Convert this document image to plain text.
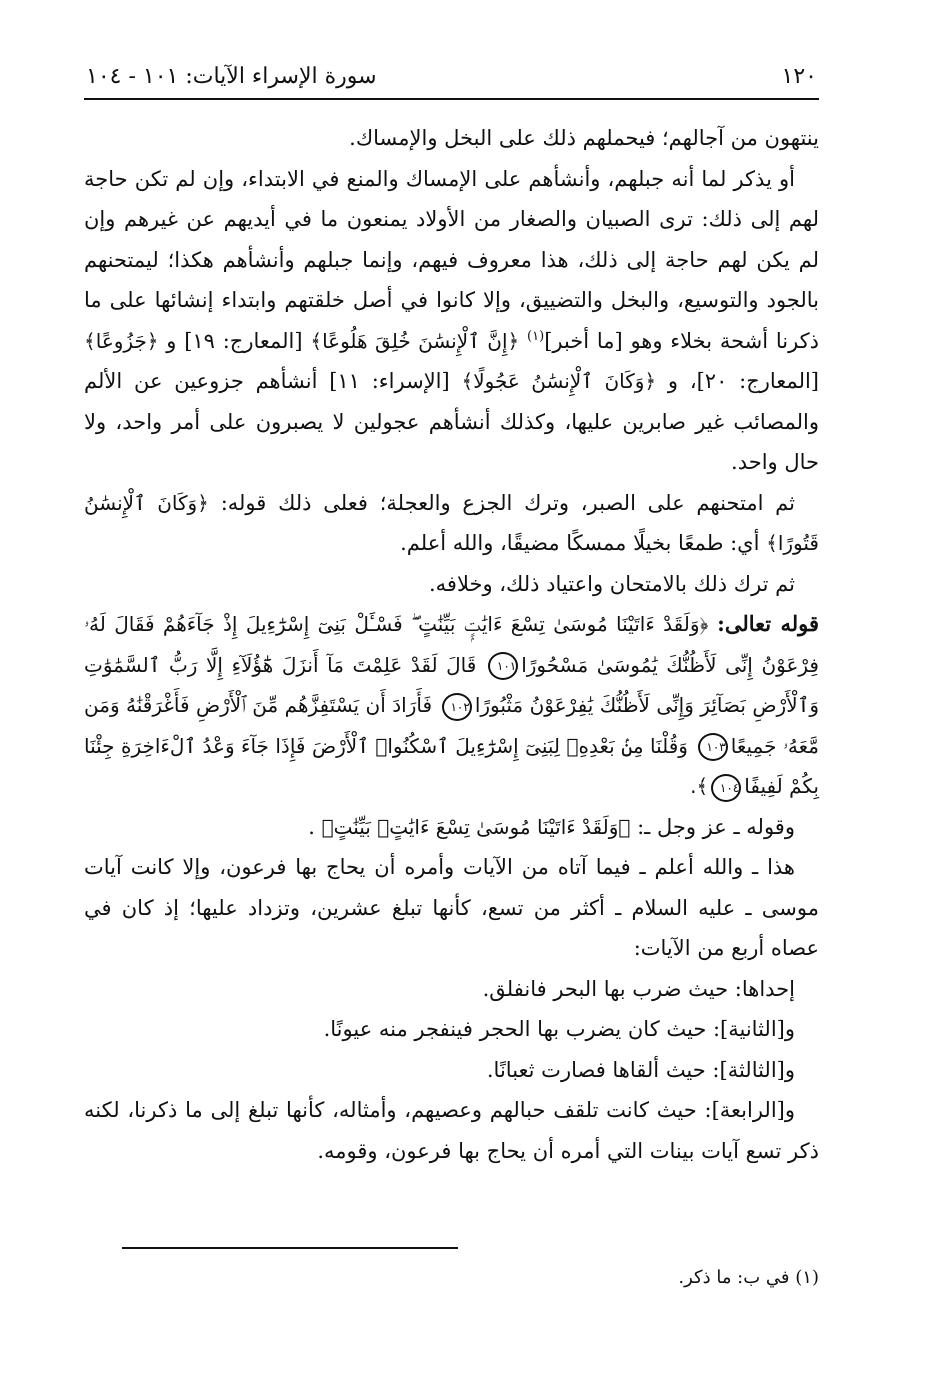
١٢٠
سورة الإسراء الآيات: ١٠١ - ١٠٤

ينتهون من آجالهم؛ فيحملهم ذلك على البخل والإمساك.

أو يذكر لما أنه جبلهم، وأنشأهم على الإمساك والمنع في الابتداء، وإن لم تكن حاجة لهم إلى ذلك: ترى الصبيان والصغار من الأولاد يمنعون ما في أيديهم عن غيرهم وإن لم يكن لهم حاجة إلى ذلك، هذا معروف فيهم، وإنما جبلهم وأنشأهم هكذا؛ ليمتحنهم بالجود والتوسيع، والبخل والتضييق، وإلا كانوا في أصل خلقتهم وابتداء إنشائها على ما ذكرنا أشحة بخلاء وهو [ما أخبر]$^{(١)}$ ﴿إِنَّ ٱلْإِنسَٰنَ خُلِقَ هَلُوعًا﴾ [المعارج: ١٩] و ﴿جَزُوعًا﴾ [المعارج: ٢٠]، و ﴿وَكَانَ ٱلْإِنسَٰنُ عَجُولًا﴾ [الإسراء: ١١] أنشأهم جزوعين عن الألم والمصائب غير صابرين عليها، وكذلك أنشأهم عجولين لا يصبرون على أمر واحد، ولا حال واحد.

ثم امتحنهم على الصبر، وترك الجزع والعجلة؛ فعلى ذلك قوله: ﴿وَكَانَ ٱلْإِنسَٰنُ قَتُورًا﴾ أي: طمعًا بخيلًا ممسكًا مضيقًا، والله أعلم.

ثم ترك ذلك بالامتحان واعتياد ذلك، وخلافه.

قوله تعالى: ﴿وَلَقَدْ ءَاتَيْنَا مُوسَىٰ تِسْعَ ءَايَٰتٍۭ بَيِّنَٰتٍ ۖ فَسْـَٔلْ بَنِىٓ إِسْرَٰٓءِيلَ إِذْ جَآءَهُمْ فَقَالَ لَهُۥ فِرْعَوْنُ إِنِّى لَأَظُنُّكَ يَٰمُوسَىٰ مَسْحُورًا١٠١ قَالَ لَقَدْ عَلِمْتَ مَآ أَنزَلَ هَٰٓؤُلَآءِ إِلَّا رَبُّ ٱلسَّمَٰوَٰتِ وَٱلْأَرْضِ بَصَآئِرَ وَإِنِّى لَأَظُنُّكَ يَٰفِرْعَوْنُ مَثْبُورًا١٠٢ فَأَرَادَ أَن يَسْتَفِزَّهُم مِّنَ ٱلْأَرْضِ فَأَغْرَقْنَٰهُ وَمَن مَّعَهُۥ جَمِيعًا١٠٣ وَقُلْنَا مِنۢ بَعْدِهِۦ لِبَنِىٓ إِسْرَٰٓءِيلَ ٱسْكُنُوا۟ ٱلْأَرْضَ فَإِذَا جَآءَ وَعْدُ ٱلْءَاخِرَةِ جِئْنَا بِكُمْ لَفِيفًا١٠٤﴾.

وقوله ـ عز وجل ـ: ﴿وَلَقَدْ ءَاتَيْنَا مُوسَىٰ تِسْعَ ءَايَٰتٍۭ بَيِّنَٰتٍ﴾ .

هذا ـ والله أعلم ـ فيما آتاه من الآيات وأمره أن يحاج بها فرعون، وإلا كانت آيات موسى ـ عليه السلام ـ أكثر من تسع، كأنها تبلغ عشرين، وتزداد عليها؛ إذ كان في عصاه أربع من الآيات:

إحداها: حيث ضرب بها البحر فانفلق.

و[الثانية]: حيث كان يضرب بها الحجر فينفجر منه عيونًا.

و[الثالثة]: حيث ألقاها فصارت ثعبانًا.

و[الرابعة]: حيث كانت تلقف حبالهم وعصيهم، وأمثاله، كأنها تبلغ إلى ما ذكرنا، لكنه ذكر تسع آيات بينات التي أمره أن يحاج بها فرعون، وقومه.

(١) في ب: ما ذكر.
